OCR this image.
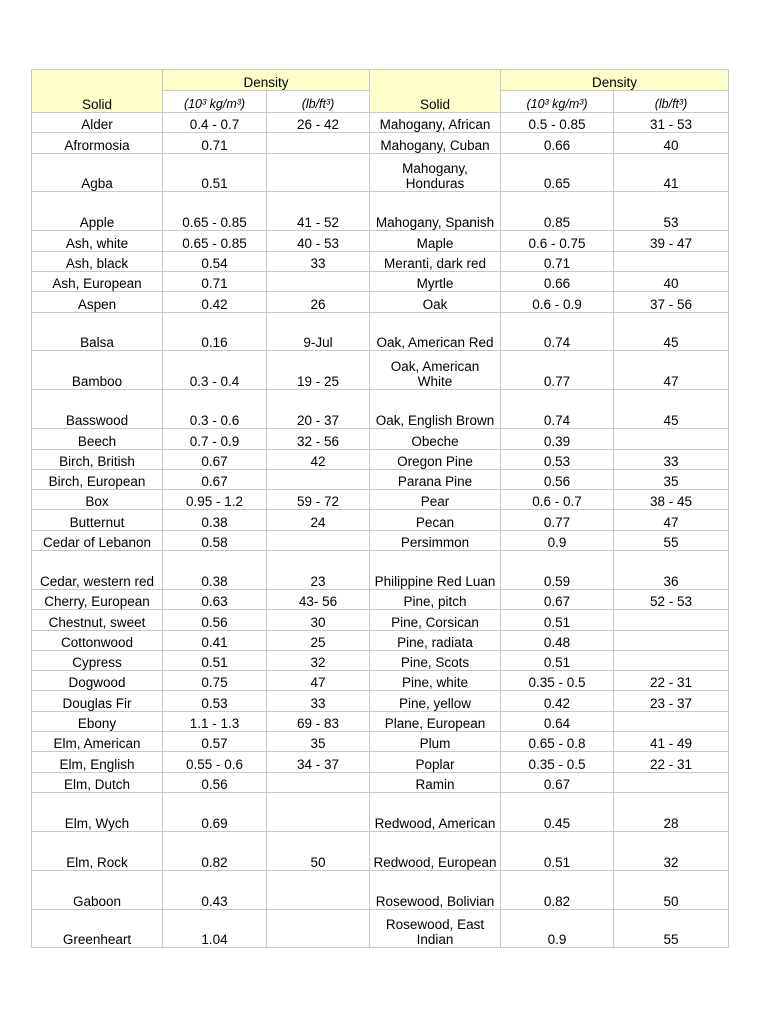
Solid	Density		Solid	Density	
	(10³ kg/m³)	(lb/ft³)		(10³ kg/m³)	(lb/ft³)
Alder	0.4 - 0.7	26 - 42	Mahogany, African	0.5 - 0.85	31 - 53
Afrormosia	0.71		Mahogany, Cuban	0.66	40
Agba	0.51		Mahogany, Honduras	0.65	41
Apple	0.65 - 0.85	41 - 52	Mahogany, Spanish	0.85	53
Ash, white	0.65 - 0.85	40 - 53	Maple	0.6 - 0.75	39 - 47
Ash, black	0.54	33	Meranti, dark red	0.71	
Ash, European	0.71		Myrtle	0.66	40
Aspen	0.42	26	Oak	0.6 - 0.9	37 - 56
Balsa	0.16	9-Jul	Oak, American Red	0.74	45
Bamboo	0.3 - 0.4	19 - 25	Oak, American White	0.77	47
Basswood	0.3 - 0.6	20 - 37	Oak, English Brown	0.74	45
Beech	0.7 - 0.9	32 - 56	Obeche	0.39	
Birch, British	0.67	42	Oregon Pine	0.53	33
Birch, European	0.67		Parana Pine	0.56	35
Box	0.95 - 1.2	59 - 72	Pear	0.6 - 0.7	38 - 45
Butternut	0.38	24	Pecan	0.77	47
Cedar of Lebanon	0.58		Persimmon	0.9	55
Cedar, western red	0.38	23	Philippine Red Luan	0.59	36
Cherry, European	0.63	43- 56	Pine, pitch	0.67	52 - 53
Chestnut, sweet	0.56	30	Pine, Corsican	0.51	
Cottonwood	0.41	25	Pine, radiata	0.48	
Cypress	0.51	32	Pine, Scots	0.51	
Dogwood	0.75	47	Pine, white	0.35 - 0.5	22 - 31
Douglas Fir	0.53	33	Pine, yellow	0.42	23 - 37
Ebony	1.1 - 1.3	69 - 83	Plane, European	0.64	
Elm, American	0.57	35	Plum	0.65 - 0.8	41 - 49
Elm, English	0.55 - 0.6	34 - 37	Poplar	0.35 - 0.5	22 - 31
Elm, Dutch	0.56		Ramin	0.67	
Elm, Wych	0.69		Redwood, American	0.45	28
Elm, Rock	0.82	50	Redwood, European	0.51	32
Gaboon	0.43		Rosewood, Bolivian	0.82	50
Greenheart	1.04		Rosewood, East Indian	0.9	55
